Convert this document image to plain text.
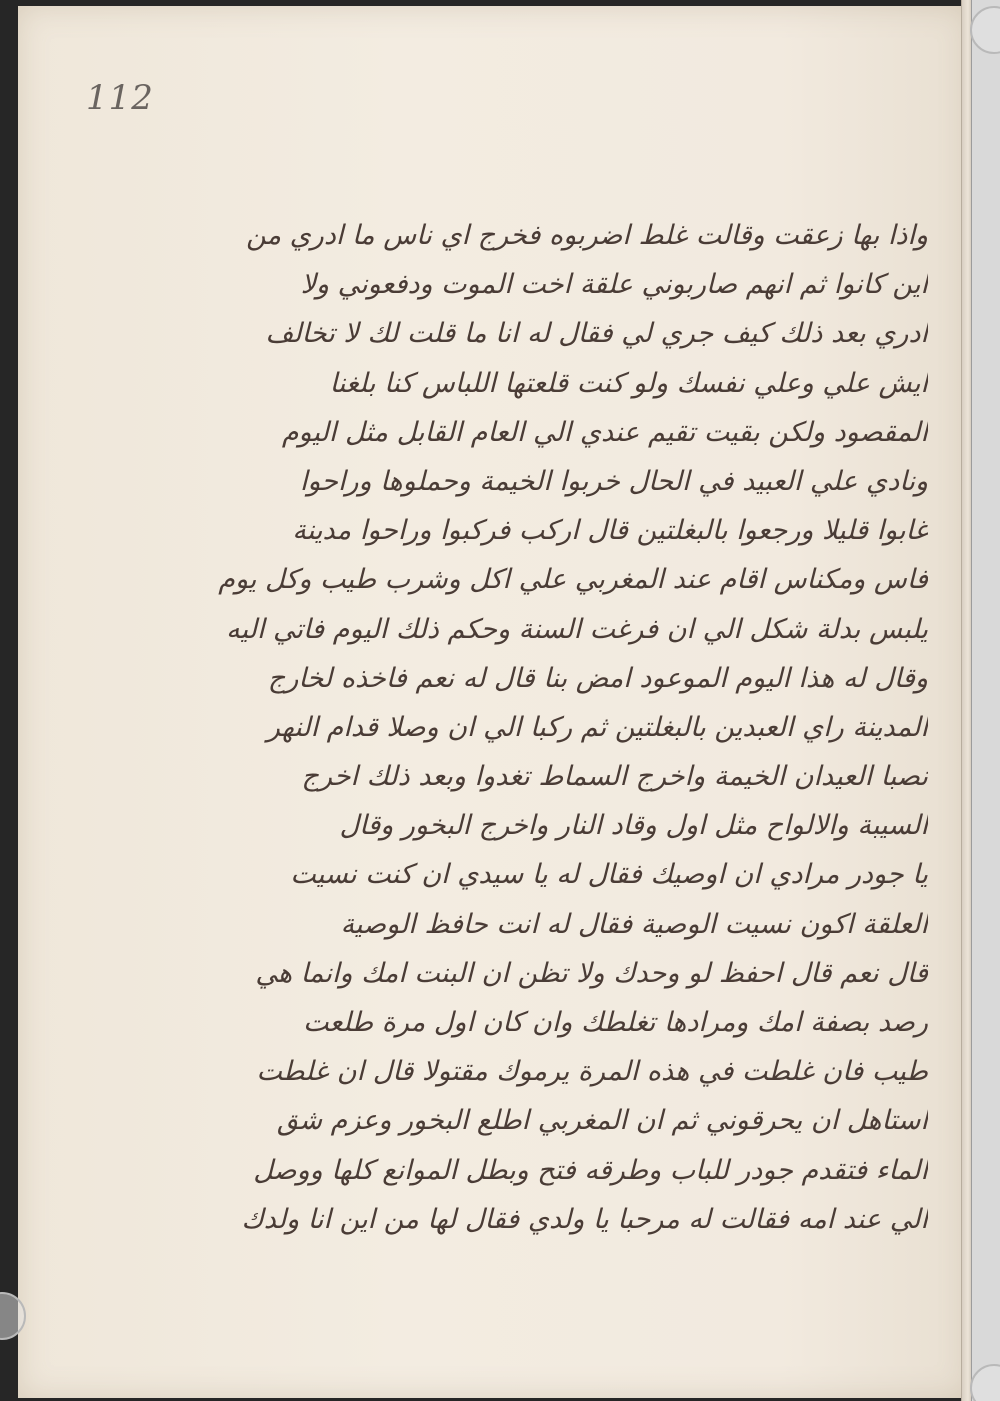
112
واذا بها زعقت وقالت غلط اضربوه فخرج اي ناس ما ادري من
اين كانوا ثم انهم صاربوني علقة اخت الموت ودفعوني ولا
ادري بعد ذلك كيف جري لي فقال له انا ما قلت لك لا تخالف
ايش علي وعلي نفسك ولو كنت قلعتها اللباس كنا بلغنا
المقصود ولكن بقيت تقيم عندي الي العام القابل مثل اليوم
ونادي علي العبيد في الحال خربوا الخيمة وحملوها وراحوا
غابوا قليلا ورجعوا بالبغلتين قال اركب فركبوا وراحوا مدينة
فاس ومكناس اقام عند المغربي علي اكل وشرب طيب وكل يوم
يلبس بدلة شكل الي ان فرغت السنة وحكم ذلك اليوم فاتي اليه
وقال له هذا اليوم الموعود امض بنا قال له نعم فاخذه لخارج
المدينة راي العبدين بالبغلتين ثم ركبا الي ان وصلا قدام النهر
نصبا العيدان الخيمة واخرج السماط تغدوا وبعد ذلك اخرج
السيبة والالواح مثل اول وقاد النار واخرج البخور وقال
يا جودر مرادي ان اوصيك فقال له يا سيدي ان كنت نسيت
العلقة اكون نسيت الوصية فقال له انت حافظ الوصية
قال نعم قال احفظ لو وحدك ولا تظن ان البنت امك وانما هي
رصد بصفة امك ومرادها تغلطك وان كان اول مرة طلعت
طيب فان غلطت في هذه المرة يرموك مقتولا قال ان غلطت
استاهل ان يحرقوني ثم ان المغربي اطلع البخور وعزم شق
الماء فتقدم جودر للباب وطرقه فتح وبطل الموانع كلها ووصل
الي عند امه فقالت له مرحبا يا ولدي فقال لها من اين انا ولدك
